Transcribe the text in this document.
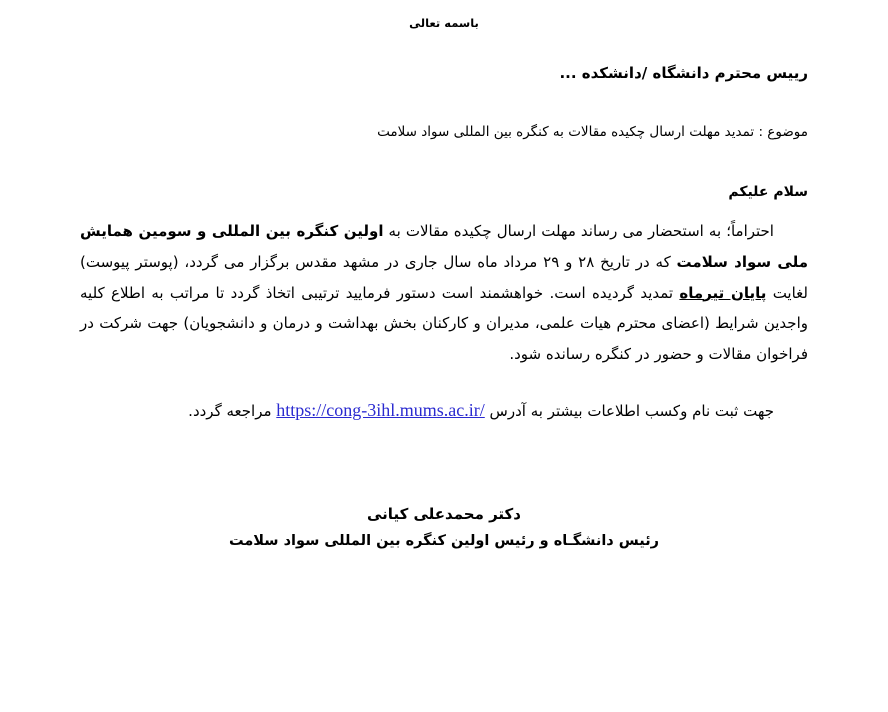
باسمه تعالی
ریيس محترم دانشگاه /دانشکده ...
موضوع : تمدید مهلت ارسال چکیده مقالات به کنگره بین المللی سواد سلامت
سلام علیکم
احتراماً؛ به استحضار می رساند مهلت ارسال چکیده مقالات به اولین کنگره بین المللی و سومین همایش ملی سواد سلامت که در تاریخ ۲۸ و ۲۹ مرداد ماه سال جاری در مشهد مقدس برگزار می گردد، (پوستر پیوست) لغایت پایان تیرماه تمدید گردیده است. خواهشمند است دستور فرمایید ترتیبی اتخاذ گردد تا مراتب به اطلاع کلیه واجدین شرایط (اعضای محترم هیات علمی، مدیران و کارکنان بخش بهداشت و درمان و دانشجویان) جهت شرکت در فراخوان مقالات و حضور در کنگره رسانده شود.
جهت ثبت نام وکسب اطلاعات بیشتر به آدرس https://cong-3ihl.mums.ac.ir/ مراجعه گردد.
دکتر محمدعلی کیانی
رئیس دانشگـاه و رئیس اولین کنگره بین المللی سواد سلامت
